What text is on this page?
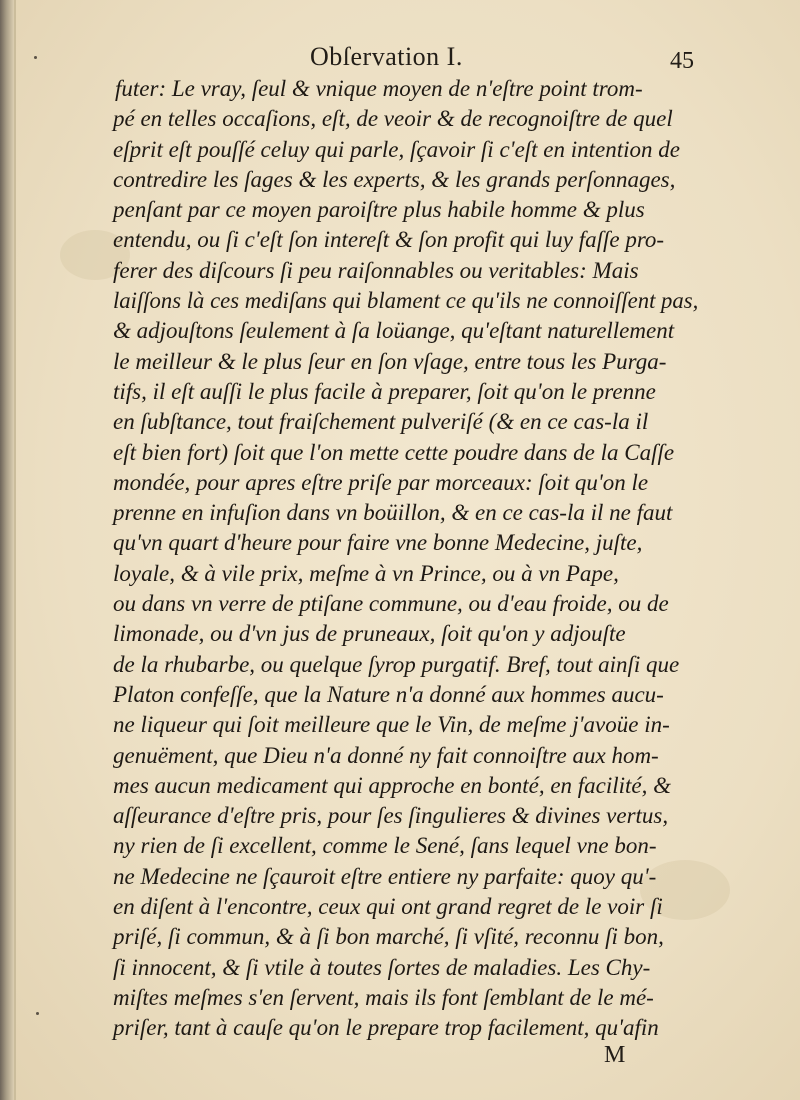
Obſervation I.	45
futer: Le vray, ſeul & vnique moyen de n'eſtre point trom-
pé en telles occaſions, eſt, de veoir & de recognoiſtre de quel
eſprit eſt pouſſé celuy qui parle, ſçavoir ſi c'eſt en intention de
contredire les ſages & les experts, & les grands perſonnages,
penſant par ce moyen paroiſtre plus habile homme & plus
entendu, ou ſi c'eſt ſon intereſt & ſon profit qui luy faſſe pro-
ferer des diſcours ſi peu raiſonnables ou veritables: Mais
laiſſons là ces mediſans qui blament ce qu'ils ne connoiſſent pas,
& adjouſtons ſeulement à ſa loüange, qu'eſtant naturellement
le meilleur & le plus ſeur en ſon vſage, entre tous les Purga-
tifs, il eſt auſſi le plus facile à preparer, ſoit qu'on le prenne
en ſubſtance, tout fraiſchement pulveriſé (& en ce cas-la il
eſt bien fort) ſoit que l'on mette cette poudre dans de la Caſſe
mondée, pour apres eſtre priſe par morceaux: ſoit qu'on le
prenne en infuſion dans vn boüillon, & en ce cas-la il ne faut
qu'vn quart d'heure pour faire vne bonne Medecine, juſte,
loyale, & à vile prix, meſme à vn Prince, ou à vn Pape,
ou dans vn verre de ptiſane commune, ou d'eau froide, ou de
limonade, ou d'vn jus de pruneaux, ſoit qu'on y adjouſte
de la rhubarbe, ou quelque ſyrop purgatif. Bref, tout ainſi que
Platon confeſſe, que la Nature n'a donné aux hommes aucu-
ne liqueur qui ſoit meilleure que le Vin, de meſme j'avoüe in-
genuëment, que Dieu n'a donné ny fait connoiſtre aux hom-
mes aucun medicament qui approche en bonté, en facilité, &
aſſeurance d'eſtre pris, pour ſes ſingulieres & divines vertus,
ny rien de ſi excellent, comme le Sené, ſans lequel vne bon-
ne Medecine ne ſçauroit eſtre entiere ny parfaite: quoy qu'-
en diſent à l'encontre, ceux qui ont grand regret de le voir ſi
priſé, ſi commun, & à ſi bon marché, ſi vſité, reconnu ſi bon,
ſi innocent, & ſi vtile à toutes ſortes de maladies. Les Chy-
miſtes meſmes s'en ſervent, mais ils font ſemblant de le mé-
priſer, tant à cauſe qu'on le prepare trop facilement, qu'afin
M
